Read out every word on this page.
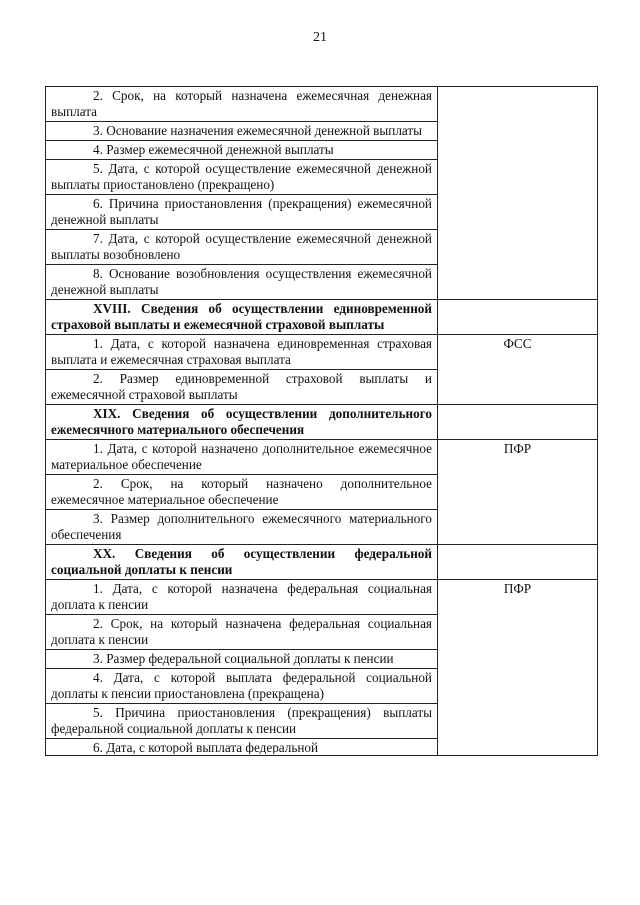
21
2. Срок, на который назначена ежемесячная денежная выплата	

3. Основание назначения ежемесячной денежной выплаты	

4. Размер ежемесячной денежной выплаты	

5. Дата, с которой осуществление ежемесячной денежной выплаты приостановлено (прекращено)	

6. Причина приостановления (прекращения) ежемесячной денежной выплаты	

7. Дата, с которой осуществление ежемесячной денежной выплаты возобновлено	

8. Основание возобновления осуществления ежемесячной денежной выплаты	

XVIII. Сведения об осуществлении единовременной страховой выплаты и ежемесячной страховой выплаты	

1. Дата, с которой назначена единовременная страховая выплата и ежемесячная страховая выплата	ФСС

2. Размер единовременной страховой выплаты и ежемесячной страховой выплаты	

XIX. Сведения об осуществлении дополнительного ежемесячного материального обеспечения	

1. Дата, с которой назначено дополнительное ежемесячное материальное обеспечение	ПФР

2. Срок, на который назначено дополнительное ежемесячное материальное обеспечение	

3. Размер дополнительного ежемесячного материального обеспечения	

XX. Сведения об осуществлении федеральной социальной доплаты к пенсии	

1. Дата, с которой назначена федеральная социальная доплата к пенсии	ПФР

2. Срок, на который назначена федеральная социальная доплата к пенсии	

3. Размер федеральной социальной доплаты к пенсии	

4. Дата, с которой выплата федеральной социальной доплаты к пенсии приостановлена (прекращена)	

5. Причина приостановления (прекращения) выплаты федеральной социальной доплаты к пенсии	

6. Дата, с которой выплата федеральной	
